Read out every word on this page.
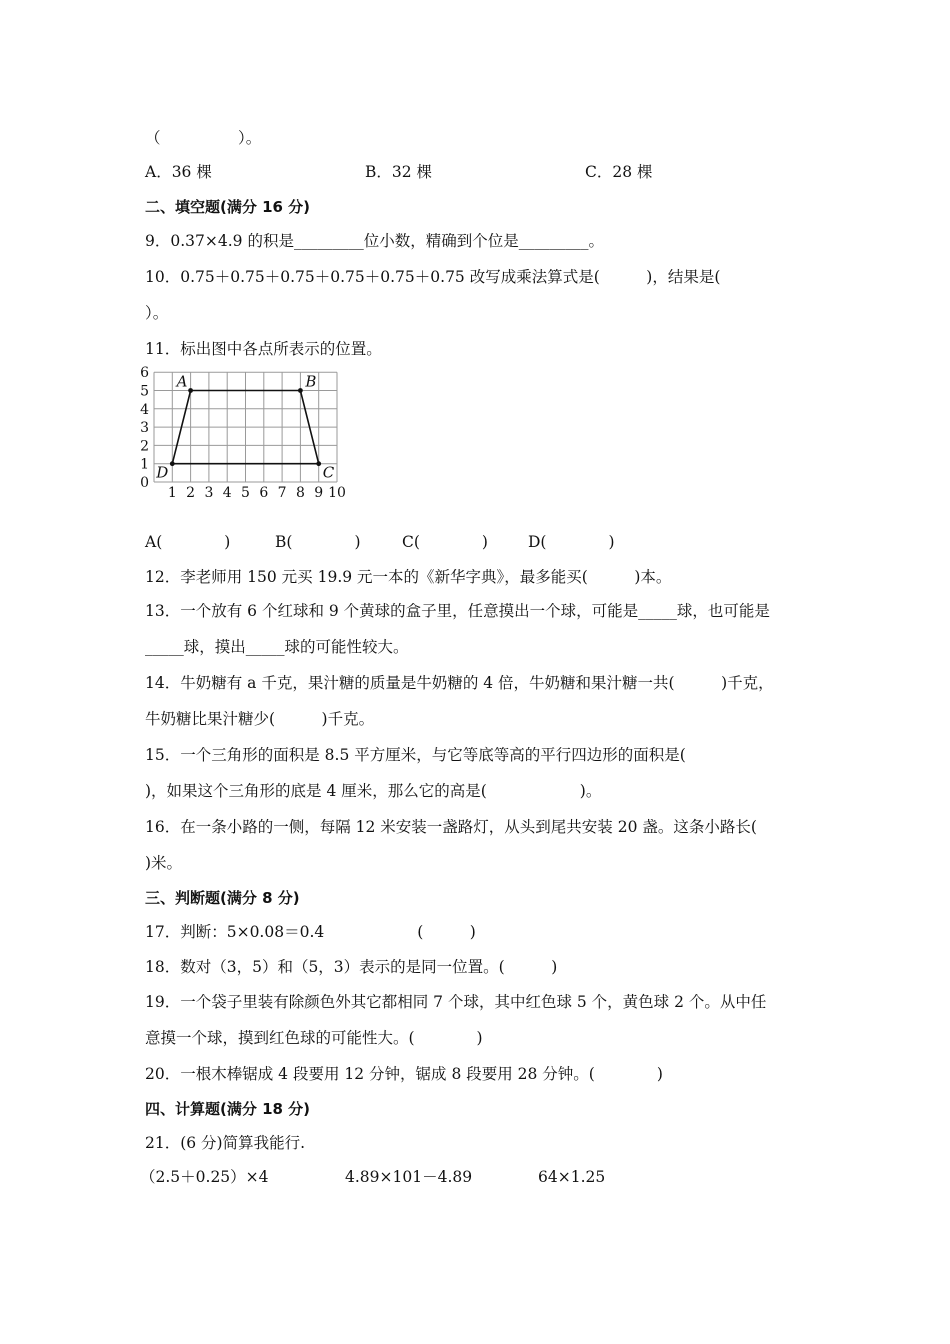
（　　　　　）。
A．36 棵	B．32 棵	C．28 棵
二、填空题(满分 16 分)
9．0.37×4.9 的积是_________位小数，精确到个位是_________。
10．0.75＋0.75＋0.75＋0.75＋0.75＋0.75 改写成乘法算式是(　　　)，结果是(
）。
11．标出图中各点所表示的位置。
1 2 3 4 5 6 7 8 9 10
0
1
2
3
4
5
6 A	B
C
D
A(　　　　)	B(　　　　)	C(　　　　)	D(　　　　)
12．李老师用 150 元买 19.9 元一本的《新华字典》，最多能买(　　　)本。
13．一个放有 6 个红球和 9 个黄球的盒子里，任意摸出一个球，可能是_____球，也可能是
_____球，摸出_____球的可能性较大。
14．牛奶糖有 a 千克，果汁糖的质量是牛奶糖的 4 倍，牛奶糖和果汁糖一共(　　　)千克，
牛奶糖比果汁糖少(　　　)千克。
15．一个三角形的面积是 8.5 平方厘米，与它等底等高的平行四边形的面积是(
)，如果这个三角形的底是 4 厘米，那么它的高是(　　　　　　)。
16．在一条小路的一侧，每隔 12 米安装一盏路灯，从头到尾共安装 20 盏。这条小路长(
)米。
三、判断题(满分 8 分)
17．判断：5×0.08＝0.4　　　　　　(　　　)
18．数对（3，5）和（5，3）表示的是同一位置。(　　　)
19．一个袋子里装有除颜色外其它都相同 7 个球，其中红色球 5 个，黄色球 2 个。从中任
意摸一个球，摸到红色球的可能性大。(　　　　)
20．一根木棒锯成 4 段要用 12 分钟，锯成 8 段要用 28 分钟。(　　　　)
四、计算题(满分 18 分)
21．(6 分)简算我能行.
（2.5＋0.25）×4	4.89×101－4.89	64×1.25
